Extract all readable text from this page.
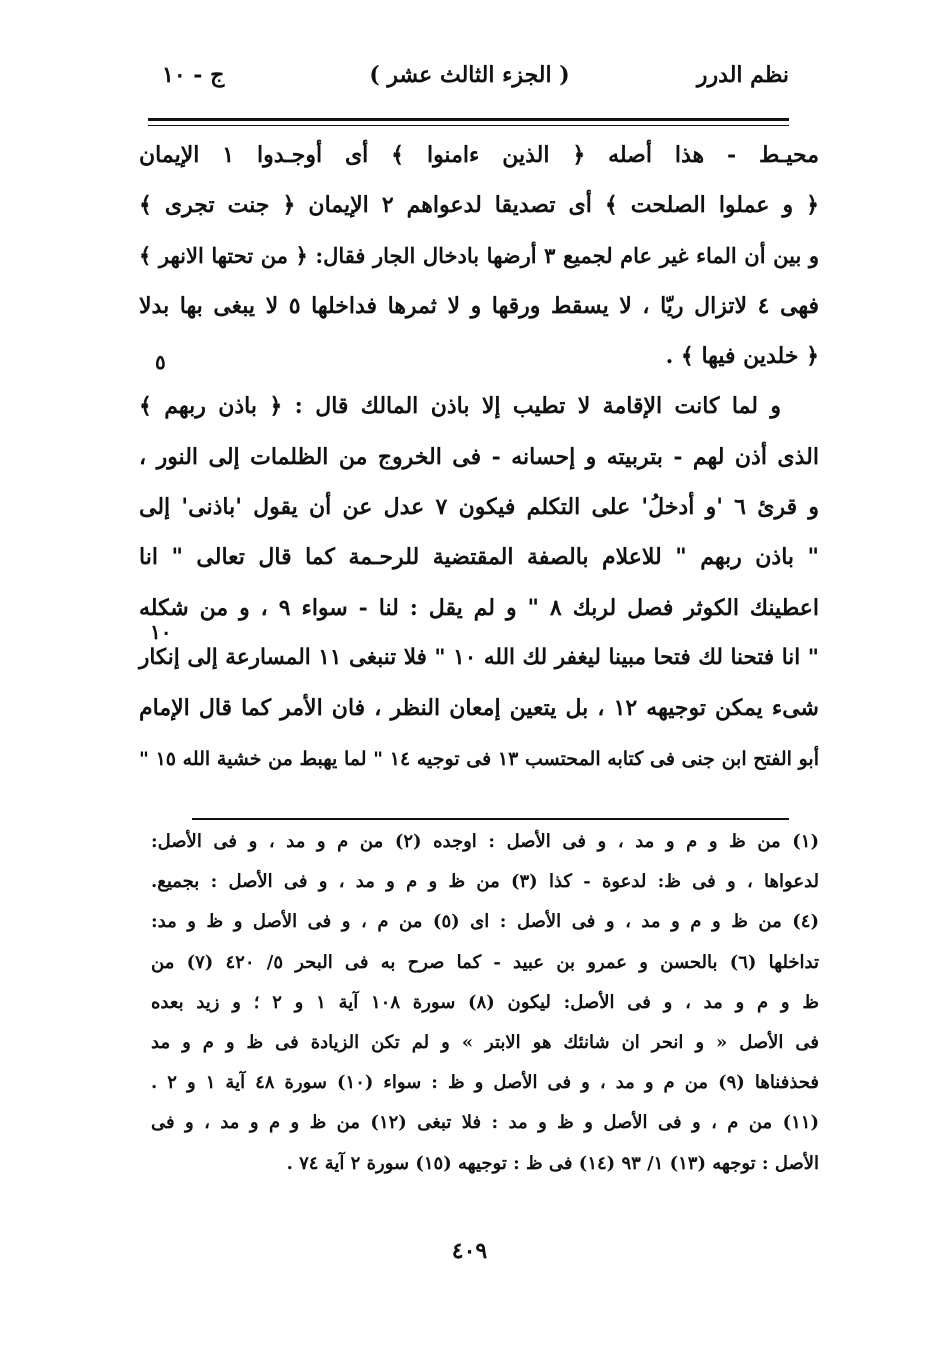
نظم الدرر
( الجزء الثالث عشر )
ج - ١٠
محيـط - هذا أصله ﴿ الذين ءامنوا ﴾ أى أوجـدوا ١ الإيمان
﴿ و عملوا الصلحت ﴾ أى تصديقا لدعواهم ٢ الإيمان ﴿ جنت تجرى ﴾
و بين أن الماء غير عام لجميع ٣ أرضها بادخال الجار فقال: ﴿ من تحتها الانهر ﴾
فهى ٤ لاتزال ريّا ، لا يسقط ورقها و لا ثمرها فداخلها ٥ لا يبغى بها بدلا
﴿ خلدين فيها ﴾ .
و لما كانت الإقامة لا تطيب إلا باذن المالك قال : ﴿ باذن ربهم ﴾
الذى أذن لهم - بتربيته و إحسانه - فى الخروج من الظلمات إلى النور ،
و قرئ ٦ 'و أدخلُ' على التكلم فيكون ٧ عدل عن أن يقول 'باذنى' إلى
" باذن ربهم " للاعلام بالصفة المقتضية للرحـمة كما قال تعالى " انا
اعطينك الكوثر فصل لربك ٨ " و لم يقل : لنا - سواء ٩ ، و من شكله
" انا فتحنا لك فتحا مبينا ليغفر لك الله ١٠ " فلا تنبغى ١١ المسارعة إلى إنكار
شىء يمكن توجيهه ١٢ ، بل يتعين إمعان النظر ، فان الأمر كما قال الإمام
أبو الفتح ابن جنى فى كتابه المحتسب ١٣ فى توجيه ١٤ " لما يهبط من خشية الله ١٥ "
٥
١٠
(١) من ظ و م و مد ، و فى الأصل : اوجده (٢) من م و مد ، و فى الأصل:
لدعواها ، و فى ظ: لدعوة - كذا (٣) من ظ و م و مد ، و فى الأصل : بجميع.
(٤) من ظ و م و مد ، و فى الأصل : اى (٥) من م ، و فى الأصل و ظ و مد:
تداخلها (٦) بالحسن و عمرو بن عبيد - كما صرح به فى البحر ٥/ ٤٢٠ (٧) من
ظ و م و مد ، و فى الأصل: ليكون (٨) سورة ١٠٨ آية ١ و ٢ ؛ و زيد بعده
فى الأصل « و انحر ان شانئك هو الابتر » و لم تكن الزيادة فى ظ و م و مد
فحذفناها (٩) من م و مد ، و فى الأصل و ظ : سواء (١٠) سورة ٤٨ آية ١ و ٢ .
(١١) من م ، و فى الأصل و ظ و مد : فلا تبغى (١٢) من ظ و م و مد ، و فى
الأصل : توجهه (١٣) ١/ ٩٣ (١٤) فى ظ : توجيهه (١٥) سورة ٢ آية ٧٤ .
٤٠٩
